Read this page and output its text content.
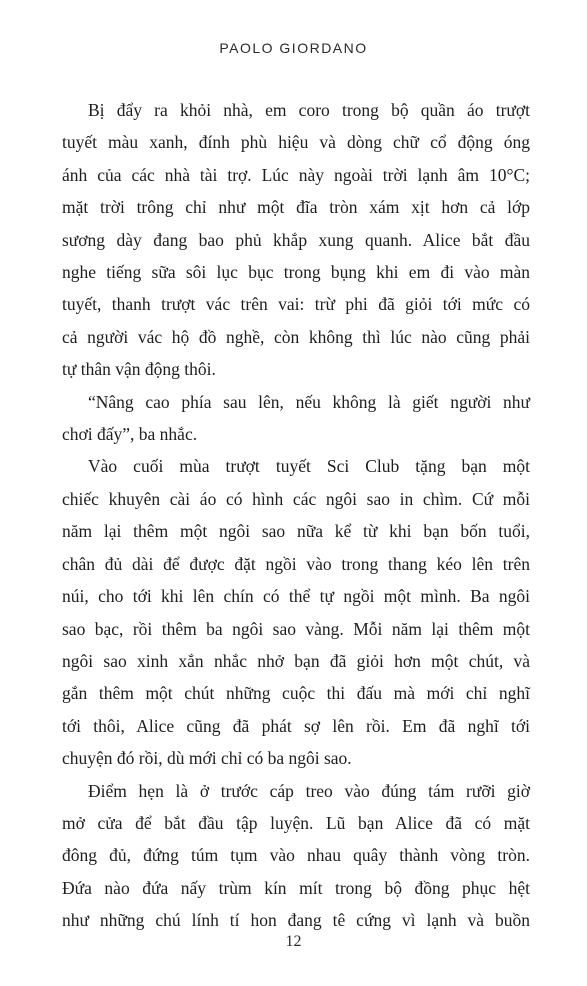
PAOLO GIORDANO
Bị đẩy ra khỏi nhà, em coro trong bộ quần áo trượt
tuyết màu xanh, đính phù hiệu và dòng chữ cổ động óng
ánh của các nhà tài trợ. Lúc này ngoài trời lạnh âm 10°C;
mặt trời trông chỉ như một đĩa tròn xám xịt hơn cả lớp
sương dày đang bao phủ khắp xung quanh. Alice bắt đầu
nghe tiếng sữa sôi lục bục trong bụng khi em đi vào màn
tuyết, thanh trượt vác trên vai: trừ phi đã giỏi tới mức có
cả người vác hộ đồ nghề, còn không thì lúc nào cũng phải
tự thân vận động thôi.
“Nâng cao phía sau lên, nếu không là giết người như
chơi đấy”, ba nhắc.
Vào cuối mùa trượt tuyết Sci Club tặng bạn một
chiếc khuyên cài áo có hình các ngôi sao in chìm. Cứ mỗi
năm lại thêm một ngôi sao nữa kể từ khi bạn bốn tuổi,
chân đủ dài để được đặt ngồi vào trong thang kéo lên trên
núi, cho tới khi lên chín có thể tự ngồi một mình. Ba ngôi
sao bạc, rồi thêm ba ngôi sao vàng. Mỗi năm lại thêm một
ngôi sao xinh xắn nhắc nhở bạn đã giỏi hơn một chút, và
gắn thêm một chút những cuộc thi đấu mà mới chỉ nghĩ
tới thôi, Alice cũng đã phát sợ lên rồi. Em đã nghĩ tới
chuyện đó rồi, dù mới chỉ có ba ngôi sao.
Điểm hẹn là ở trước cáp treo vào đúng tám rưỡi giờ
mở cửa để bắt đầu tập luyện. Lũ bạn Alice đã có mặt
đông đủ, đứng túm tụm vào nhau quây thành vòng tròn.
Đứa nào đứa nấy trùm kín mít trong bộ đồng phục hệt
như những chú lính tí hon đang tê cứng vì lạnh và buồn
12
